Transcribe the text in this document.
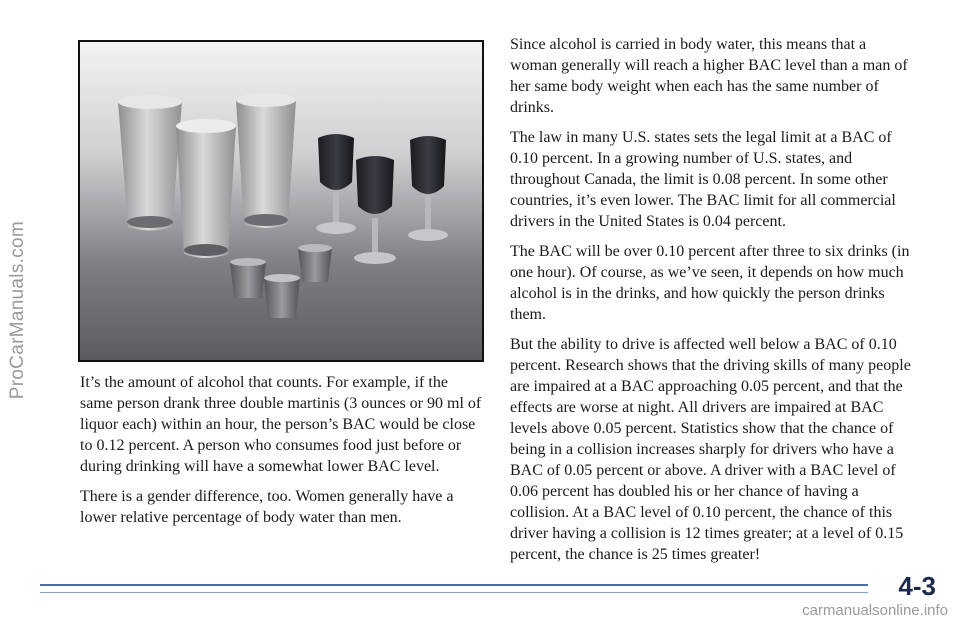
ProCarManuals.com	It’s the amount of alcohol that counts. For example, if the same person drank three double martinis (3 ounces or 90 ml of liquor each) within an hour, the person’s BAC would be close to 0.12 percent. A person who consumes food just before or during drinking will have a somewhat lower BAC level.

There is a gender difference, too. Women generally have a lower relative percentage of body water than men.

Since alcohol is carried in body water, this means that a woman generally will reach a higher BAC level than a man of her same body weight when each has the same number of drinks.

The law in many U.S. states sets the legal limit at a BAC of 0.10 percent. In a growing number of U.S. states, and throughout Canada, the limit is 0.08 percent. In some other countries, it’s even lower. The BAC limit for all commercial drivers in the United States is 0.04 percent.

The BAC will be over 0.10 percent after three to six drinks (in one hour). Of course, as we’ve seen, it depends on how much alcohol is in the drinks, and how quickly the person drinks them.

But the ability to drive is affected well below a BAC of 0.10 percent. Research shows that the driving skills of many people are impaired at a BAC approaching 0.05 percent, and that the effects are worse at night. All drivers are impaired at BAC levels above 0.05 percent. Statistics show that the chance of being in a collision increases sharply for drivers who have a BAC of 0.05 percent or above. A driver with a BAC level of 0.06 percent has doubled his or her chance of having a collision. At a BAC level of 0.10 percent, the chance of this driver having a collision is 12 times greater; at a level of 0.15 percent, the chance is 25 times greater!

4-3
carmanualsonline.info
